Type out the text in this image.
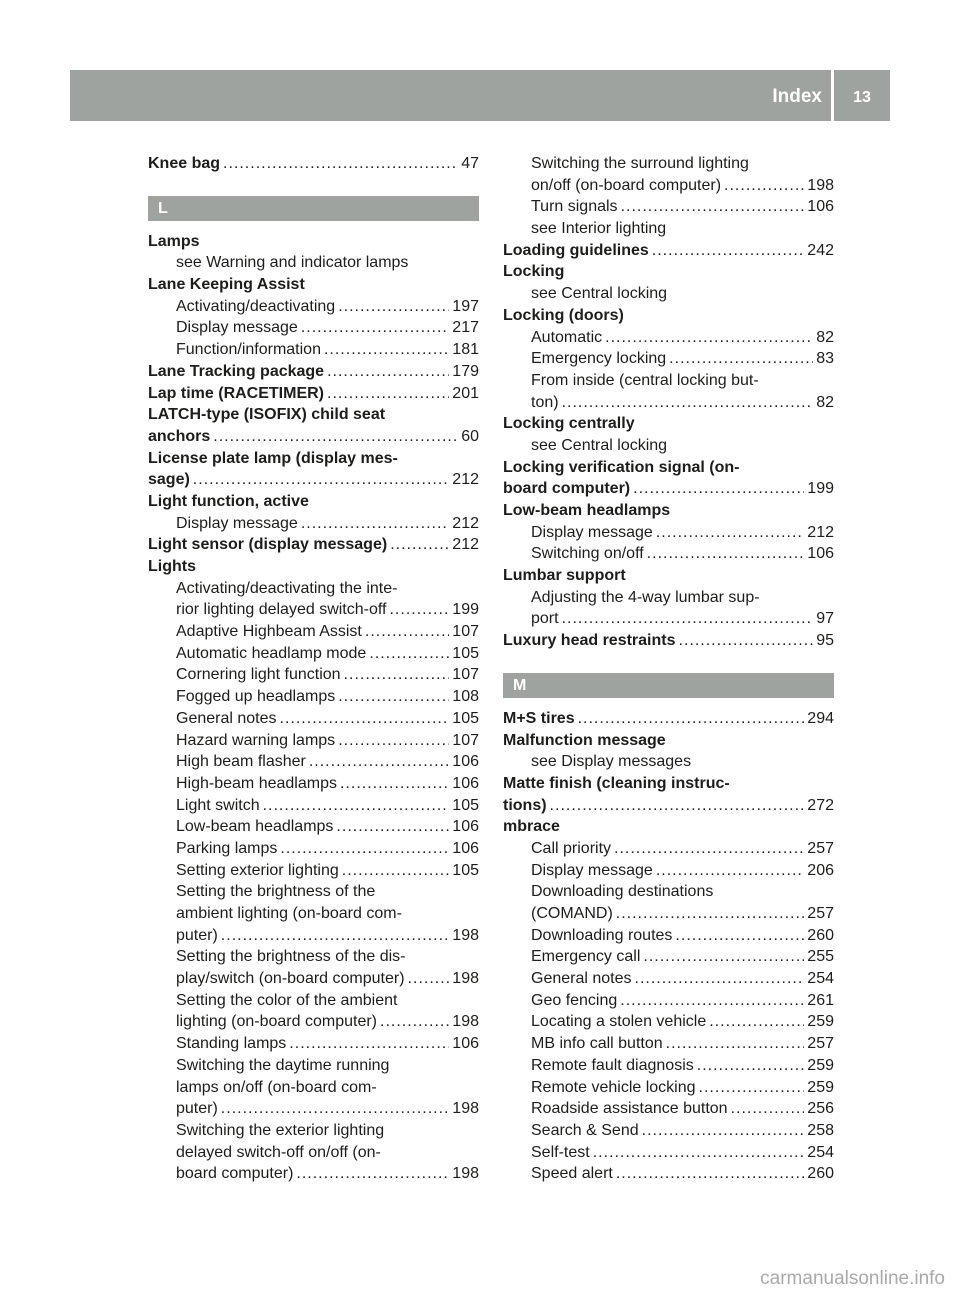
Index	13
Knee bag .....	47
L
Lamps
see Warning and indicator lamps
Lane Keeping Assist
Activating/deactivating .....	197
Display message .....	217
Function/information .....	181
Lane Tracking package .....	179
Lap time (RACETIMER) .....	201
LATCH-type (ISOFIX) child seat
anchors .....	60
License plate lamp (display mes-
sage) .....	212
Light function, active
Display message .....	212
Light sensor (display message) .....	212
Lights
Activating/deactivating the inte-
rior lighting delayed switch-off .....	199
Adaptive Highbeam Assist .....	107
Automatic headlamp mode .....	105
Cornering light function .....	107
Fogged up headlamps .....	108
General notes .....	105
Hazard warning lamps .....	107
High beam flasher .....	106
High-beam headlamps .....	106
Light switch .....	105
Low-beam headlamps .....	106
Parking lamps .....	106
Setting exterior lighting .....	105
Setting the brightness of the
ambient lighting (on-board com-
puter) .....	198
Setting the brightness of the dis-
play/switch (on-board computer) .....	198
Setting the color of the ambient
lighting (on-board computer) .....	198
Standing lamps .....	106
Switching the daytime running
lamps on/off (on-board com-
puter) .....	198
Switching the exterior lighting
delayed switch-off on/off (on-
board computer) .....	198
Switching the surround lighting
on/off (on-board computer) .....	198
Turn signals .....	106
see Interior lighting
Loading guidelines .....	242
Locking
see Central locking
Locking (doors)
Automatic .....	82
Emergency locking .....	83
From inside (central locking but-
ton) .....	82
Locking centrally
see Central locking
Locking verification signal (on-
board computer) .....	199
Low-beam headlamps
Display message .....	212
Switching on/off .....	106
Lumbar support
Adjusting the 4-way lumbar sup-
port .....	97
Luxury head restraints .....	95
M
M+S tires .....	294
Malfunction message
see Display messages
Matte finish (cleaning instruc-
tions) .....	272
mbrace
Call priority .....	257
Display message .....	206
Downloading destinations
(COMAND) .....	257
Downloading routes .....	260
Emergency call .....	255
General notes .....	254
Geo fencing .....	261
Locating a stolen vehicle .....	259
MB info call button .....	257
Remote fault diagnosis .....	259
Remote vehicle locking .....	259
Roadside assistance button .....	256
Search & Send .....	258
Self-test .....	254
Speed alert .....	260
carmanualsonline.info
